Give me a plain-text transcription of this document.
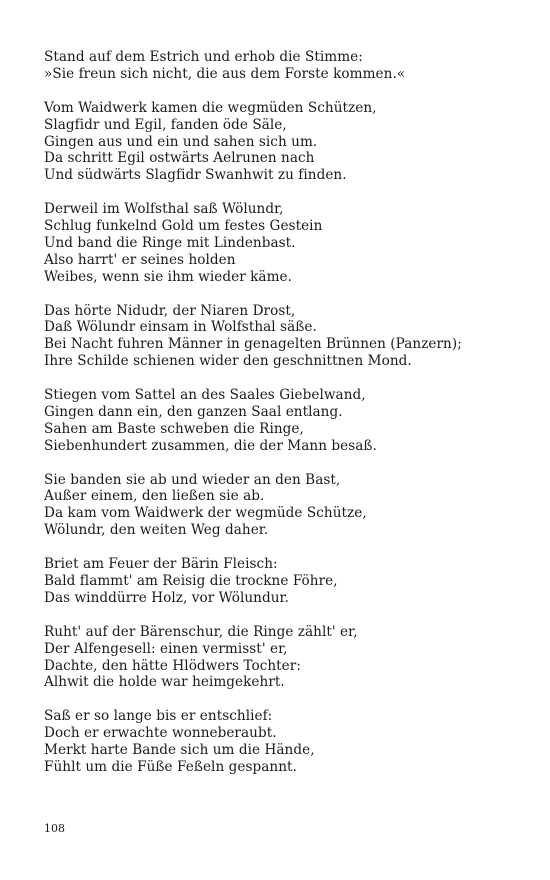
Stand auf dem Estrich und erhob die Stimme:
»Sie freun sich nicht, die aus dem Forste kommen.«
Vom Waidwerk kamen die wegmüden Schützen,
Slagfidr und Egil, fanden öde Säle,
Gingen aus und ein und sahen sich um.
Da schritt Egil ostwärts Aelrunen nach
Und südwärts Slagfidr Swanhwit zu finden.
Derweil im Wolfsthal saß Wölundr,
Schlug funkelnd Gold um festes Gestein
Und band die Ringe mit Lindenbast.
Also harrt' er seines holden
Weibes, wenn sie ihm wieder käme.
Das hörte Nidudr, der Niaren Drost,
Daß Wölundr einsam in Wolfsthal säße.
Bei Nacht fuhren Männer in genagelten Brünnen (Panzern);
Ihre Schilde schienen wider den geschnittnen Mond.
Stiegen vom Sattel an des Saales Giebelwand,
Gingen dann ein, den ganzen Saal entlang.
Sahen am Baste schweben die Ringe,
Siebenhundert zusammen, die der Mann besaß.
Sie banden sie ab und wieder an den Bast,
Außer einem, den ließen sie ab.
Da kam vom Waidwerk der wegmüde Schütze,
Wölundr, den weiten Weg daher.
Briet am Feuer der Bärin Fleisch:
Bald flammt' am Reisig die trockne Föhre,
Das winddürre Holz, vor Wölundur.
Ruht' auf der Bärenschur, die Ringe zählt' er,
Der Alfengesell: einen vermisst' er,
Dachte, den hätte Hlödwers Tochter:
Alhwit die holde war heimgekehrt.
Saß er so lange bis er entschlief:
Doch er erwachte wonneberaubt.
Merkt harte Bande sich um die Hände,
Fühlt um die Füße Feßeln gespannt.
108
